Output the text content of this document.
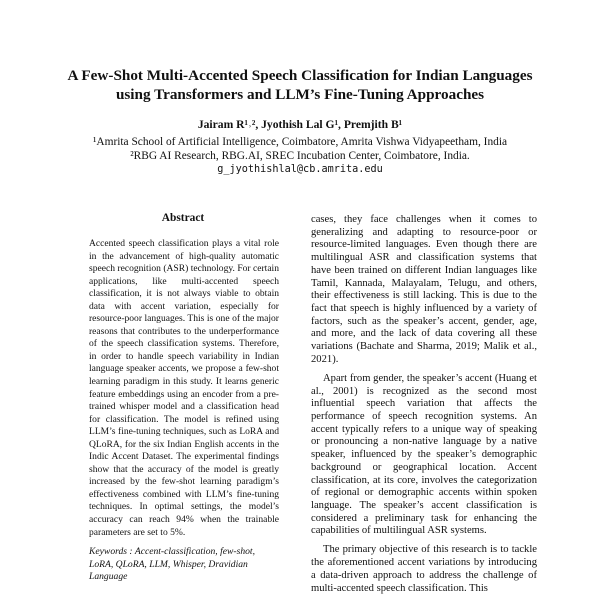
A Few-Shot Multi-Accented Speech Classification for Indian Languages
using Transformers and LLM’s Fine-Tuning Approaches
Jairam R¹˒², Jyothish Lal G¹, Premjith B¹
¹Amrita School of Artificial Intelligence, Coimbatore, Amrita Vishwa Vidyapeetham, India
²RBG AI Research, RBG.AI, SREC Incubation Center, Coimbatore, India.
g_jyothishlal@cb.amrita.edu
Abstract
Accented speech classification plays a vital role in the advancement of high-quality automatic speech recognition (ASR) technology. For certain applications, like multi-accented speech classification, it is not always viable to obtain data with accent variation, especially for resource-poor languages. This is one of the major reasons that contributes to the underperformance of the speech classification systems. Therefore, in order to handle speech variability in Indian language speaker accents, we propose a few-shot learning paradigm in this study. It learns generic feature embeddings using an encoder from a pre-trained whisper model and a classification head for classification. The model is refined using LLM’s fine-tuning techniques, such as LoRA and QLoRA, for the six Indian English accents in the Indic Accent Dataset. The experimental findings show that the accuracy of the model is greatly increased by the few-shot learning paradigm’s effectiveness combined with LLM’s fine-tuning techniques. In optimal settings, the model’s accuracy can reach 94% when the trainable parameters are set to 5%.
Keywords : Accent-classification, few-shot, LoRA, QLoRA, LLM, Whisper, Dravidian Language

cases, they face challenges when it comes to generalizing and adapting to resource-poor or resource-limited languages. Even though there are multilingual ASR and classification systems that have been trained on different Indian languages like Tamil, Kannada, Malayalam, Telugu, and others, their effectiveness is still lacking. This is due to the fact that speech is highly influenced by a variety of factors, such as the speaker’s accent, gender, age, and more, and the lack of data covering all these variations (Bachate and Sharma, 2019; Malik et al., 2021).

Apart from gender, the speaker’s accent (Huang et al., 2001) is recognized as the second most influential speech variation that affects the performance of speech recognition systems. An accent typically refers to a unique way of speaking or pronouncing a non-native language by a native speaker, influenced by the speaker’s demographic background or geographical location. Accent classification, at its core, involves the categorization of regional or demographic accents within spoken language. The speaker’s accent classification is considered a preliminary task for enhancing the capabilities of multilingual ASR systems.

The primary objective of this research is to tackle the aforementioned accent variations by introducing a data-driven approach to address the challenge of multi-accented speech classification. This
